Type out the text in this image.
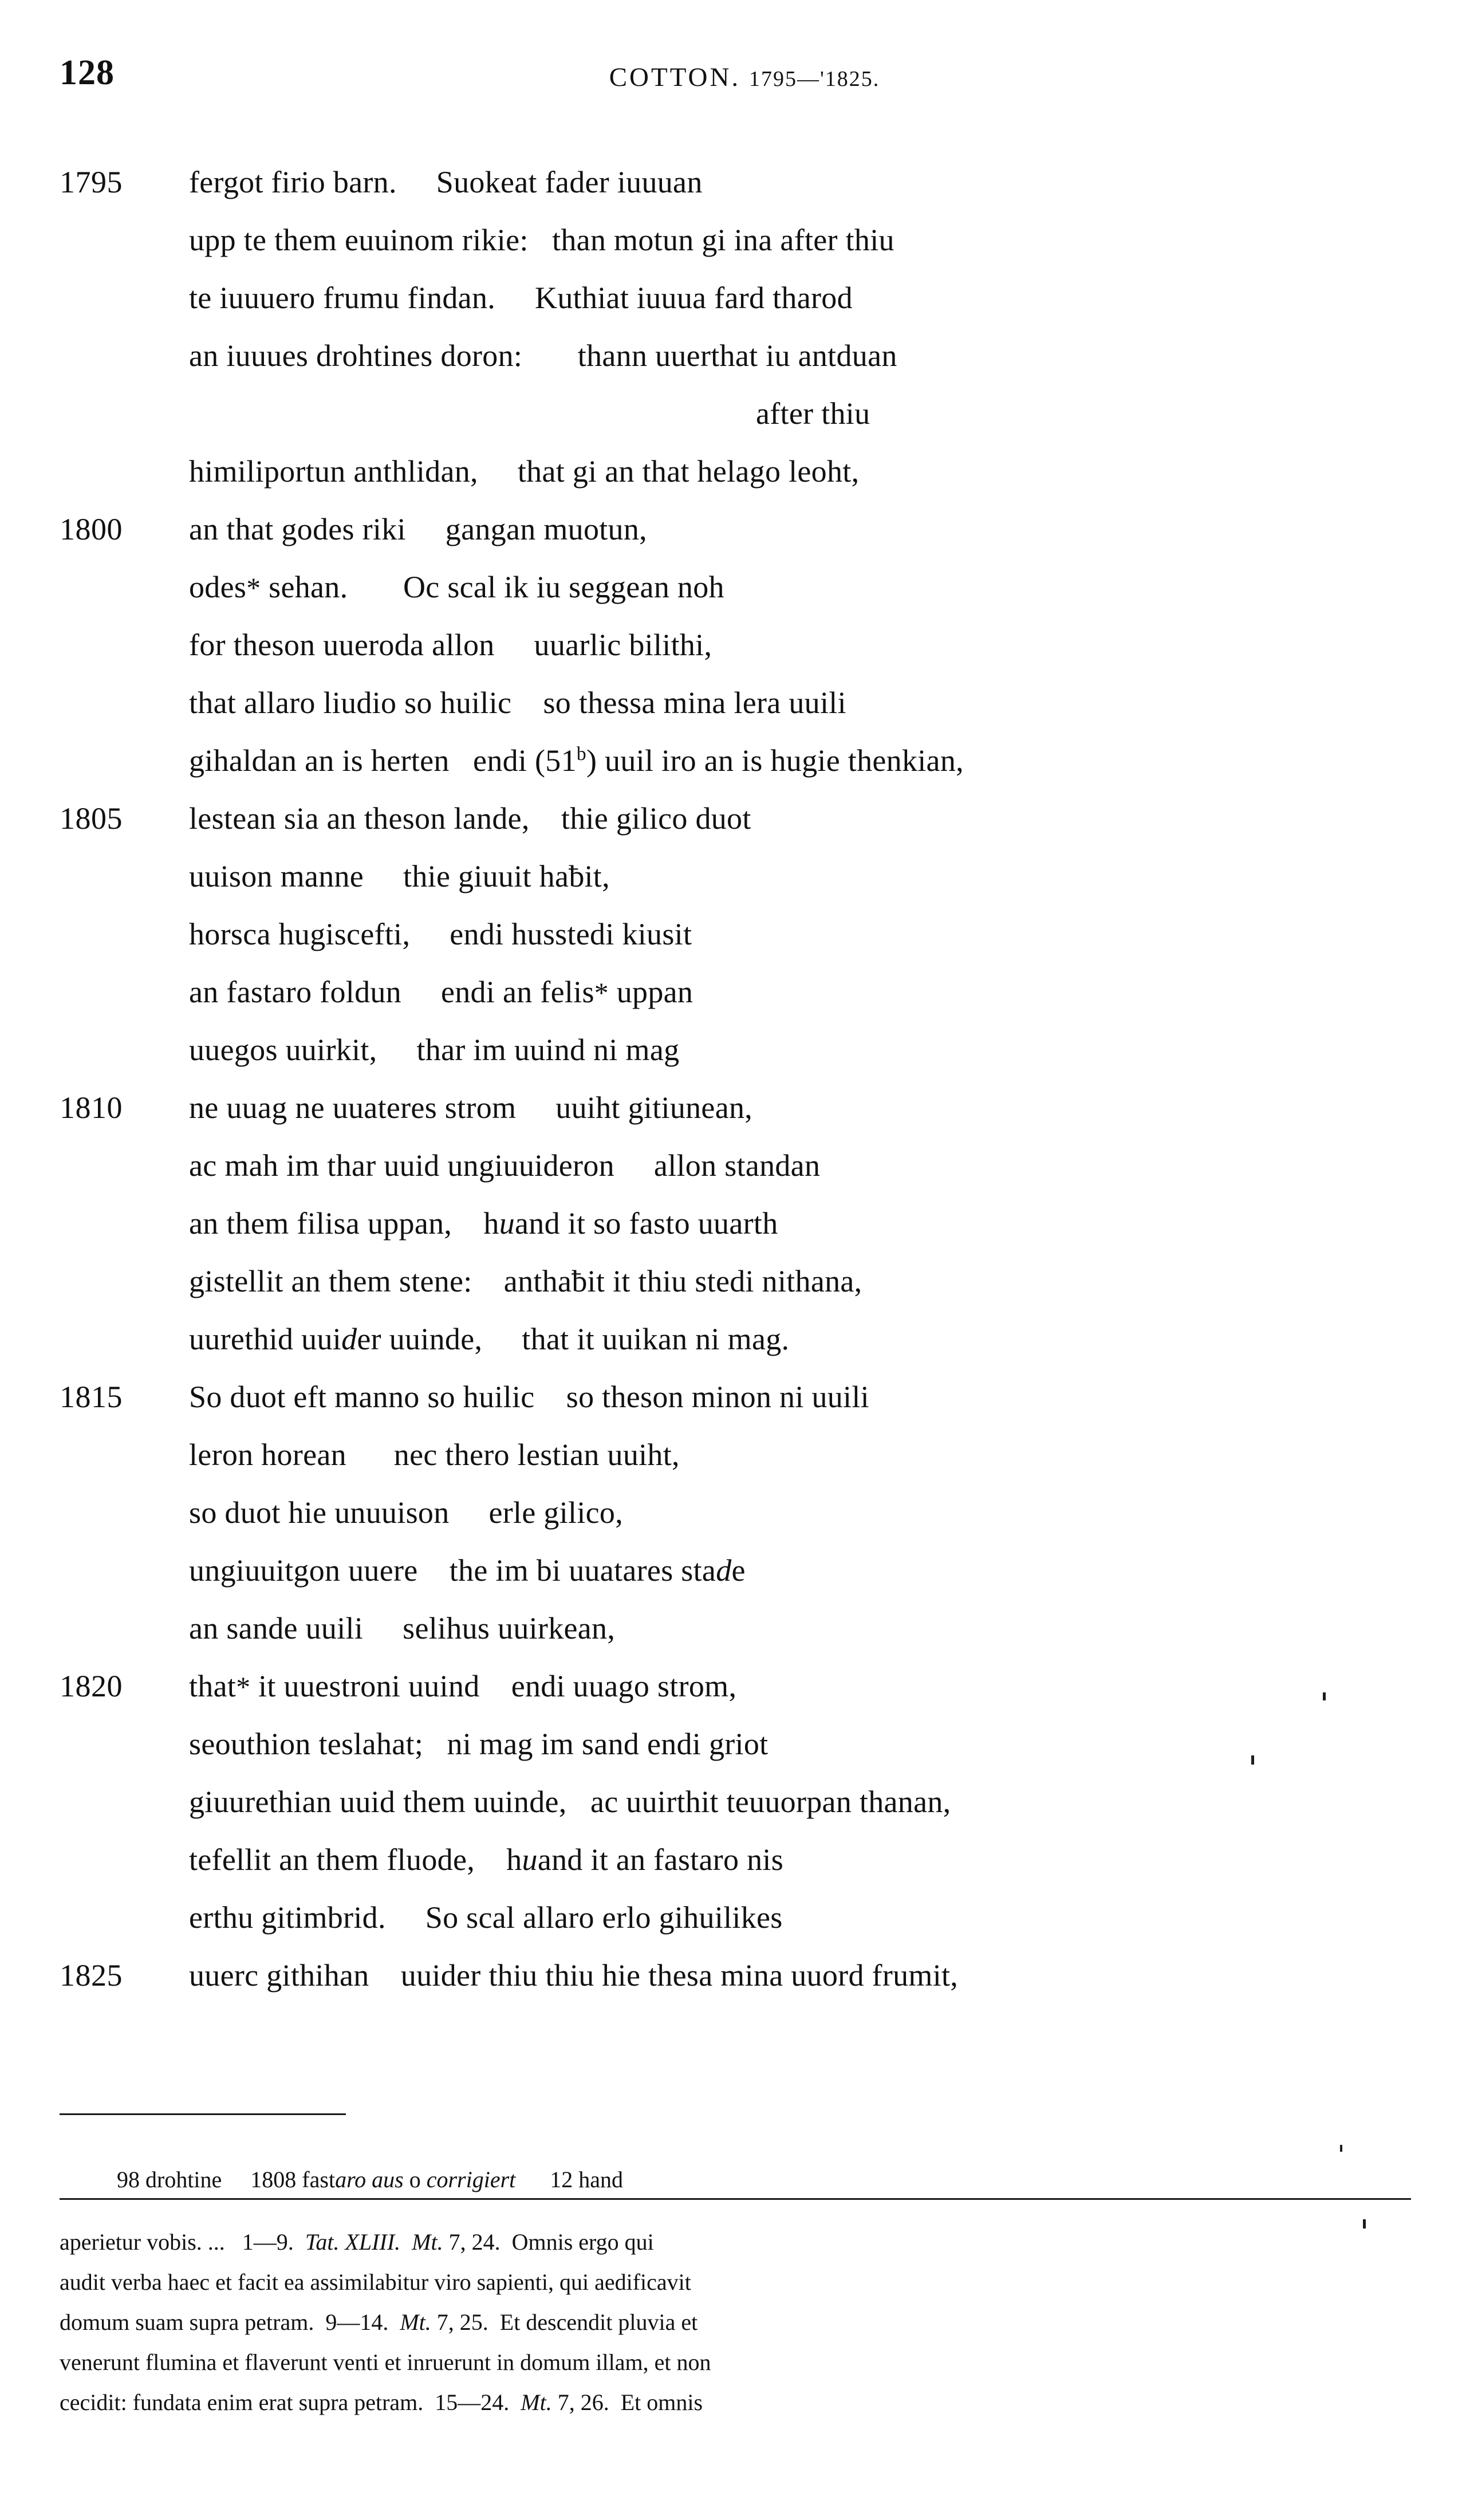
128	COTTON. 1795—'1825.
1795	fergot firio barn.     Suokeat fader iuuuan
upp te them euuinom rikie:   than motun gi ina after thiu
te iuuuero frumu findan.     Kuthiat iuuua fard tharod
an iuuues drohtines doron:       thann uuerthat iu antduan
after thiu
himiliportun anthlidan,     that gi an that helago leoht,
1800	an that godes riki     gangan muotun,
odes* sehan.       Oc scal ik iu seggean noh
for theson uueroda allon     uuarlic bilithi,
that allaro liudio so huilic    so thessa mina lera uuili
gihaldan an is herten   endi (51$^b$) uuil iro an is hugie thenkian,
1805	lestean sia an theson lande,    thie gilico duot
uuison manne     thie giuuit haƀit,
horsca hugiscefti,     endi husstedi kiusit
an fastaro foldun     endi an felis* uppan
uuegos uuirkit,     thar im uuind ni mag
1810	ne uuag ne uuateres strom     uuiht gitiunean,
ac mah im thar uuid ungiuuideron     allon standan
an them filisa uppan,    huand it so fasto uuarth
gistellit an them stene:    anthaƀit it thiu stedi nithana,
uurethid uuider uuinde,     that it uuikan ni mag.
1815	So duot eft manno so huilic    so theson minon ni uuili
leron horean      nec thero lestian uuiht,
so duot hie unuuison     erle gilico,
ungiuuitgon uuere    the im bi uuatares stade
an sande uuili     selihus uuirkean,
1820	that* it uuestroni uuind    endi uuago strom,
seouthion teslahat;   ni mag im sand endi griot
giuurethian uuid them uuinde,   ac uuirthit teuuorpan thanan,
tefellit an them fluode,    huand it an fastaro nis
erthu gitimbrid.     So scal allaro erlo gihuilikes
1825	uuerc githihan    uuider thiu thiu hie thesa mina uuord frumit,

98 drohtine     1808 fastaro aus o corrigiert      12 hand

aperietur vobis. ...   1—9.  Tat. XLIII. Mt. 7, 24.  Omnis ergo qui
audit verba haec et facit ea assimilabitur viro sapienti, qui aedificavit
domum suam supra petram.  9—14.  Mt. 7, 25.  Et descendit pluvia et
venerunt flumina et flaverunt venti et inruerunt in domum illam, et non
cecidit: fundata enim erat supra petram.  15—24.  Mt. 7, 26.  Et omnis
